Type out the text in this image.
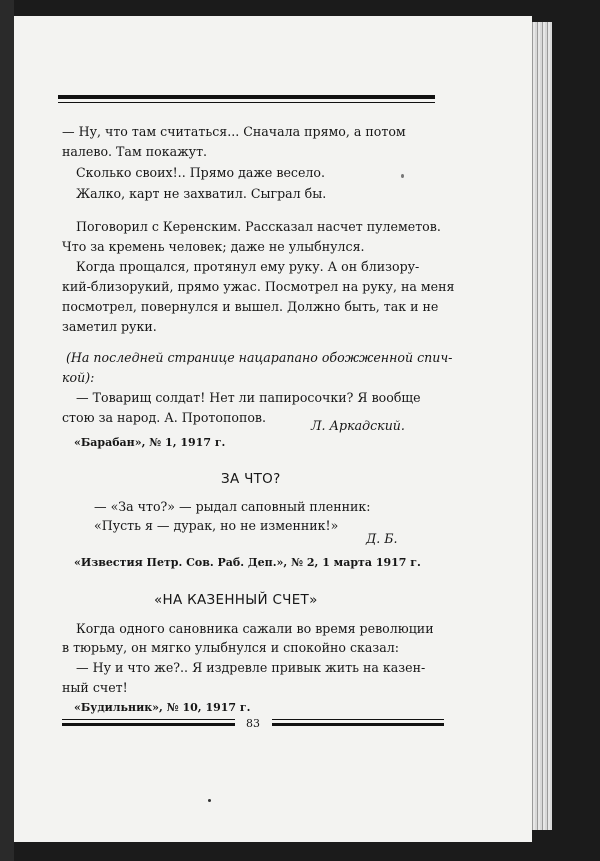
— Ну, что там считаться... Сначала прямо, а потом
налево. Там покажут.
Сколько своих!.. Прямо даже весело.
Жалко, карт не захватил. Сыграл бы.
Поговорил с Керенским. Рассказал насчет пулеметов.
Что за кремень человек; даже не улыбнулся.
Когда прощался, протянул ему руку. А он близору-
кий-близорукий, прямо ужас. Посмотрел на руку, на меня
посмотрел, повернулся и вышел. Должно быть, так и не
заметил руки.
(На последней странице нацарапано обожженной спич-
кой):
— Товарищ солдат! Нет ли папиросочки? Я вообще
стою за народ. А. Протопопов.
Л. Аркадский.
«Барабан», № 1, 1917 г.
ЗА ЧТО?
— «За что?» — рыдал саповный пленник:
«Пусть я — дурак, но не изменник!»
Д. Б.
«Известия Петр. Сов. Раб. Деп.», № 2, 1 марта 1917 г.
«НА КАЗЕННЫЙ СЧЕТ»
Когда одного сановника сажали во время революции
в тюрьму, он мягко улыбнулся и спокойно сказал:
— Ну и что же?.. Я издревле привык жить на казен-
ный счет!
«Будильник», № 10, 1917 г.
83
